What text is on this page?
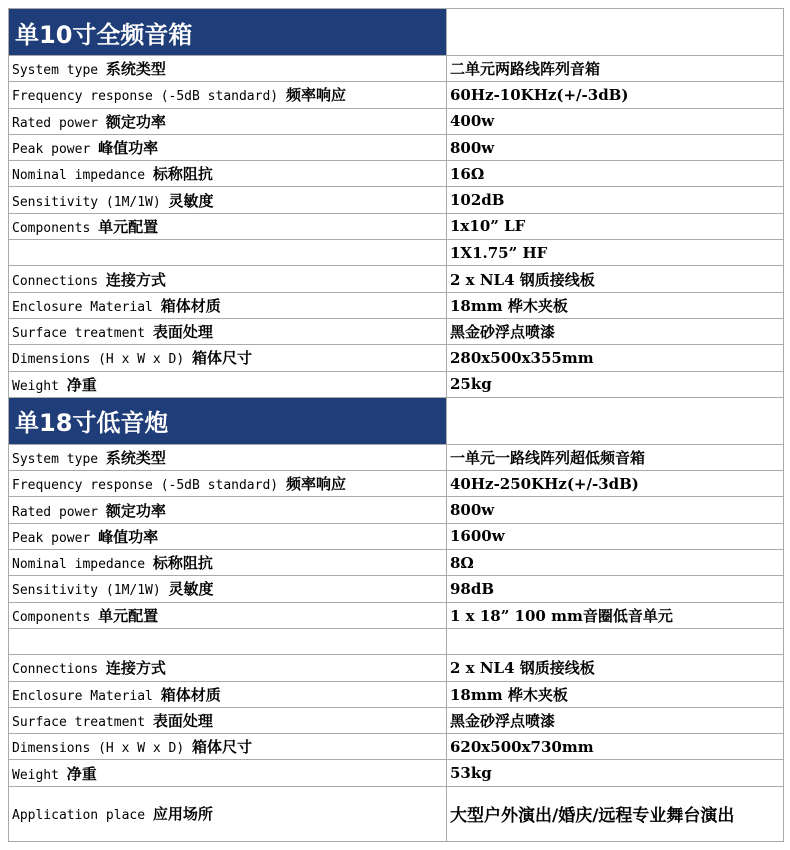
单10寸全频音箱	
System type 系统类型	二单元两路线阵列音箱
Frequency response (-5dB standard) 频率响应	60Hz-10KHz(+/-3dB)
Rated power 额定功率	400w
Peak power 峰值功率	800w
Nominal impedance 标称阻抗	16Ω
Sensitivity (1M/1W) 灵敏度	102dB
Components 单元配置	1x10” LF
	1X1.75” HF
Connections 连接方式	2 x NL4 钢质接线板
Enclosure Material 箱体材质	18mm 桦木夹板
Surface treatment 表面处理	黑金砂浮点喷漆
Dimensions (H x W x D) 箱体尺寸	280x500x355mm
Weight 净重	25kg
单18寸低音炮	
System type 系统类型	一单元一路线阵列超低频音箱
Frequency response (-5dB standard) 频率响应	40Hz-250KHz(+/-3dB)
Rated power 额定功率	800w
Peak power 峰值功率	1600w
Nominal impedance 标称阻抗	8Ω
Sensitivity (1M/1W) 灵敏度	98dB
Components 单元配置	1 x 18” 100 mm音圈低音单元

Connections 连接方式	2 x NL4 钢质接线板
Enclosure Material 箱体材质	18mm 桦木夹板
Surface treatment 表面处理	黑金砂浮点喷漆
Dimensions (H x W x D) 箱体尺寸	620x500x730mm
Weight 净重	53kg
Application place 应用场所	大型户外演出/婚庆/远程专业舞台演出
